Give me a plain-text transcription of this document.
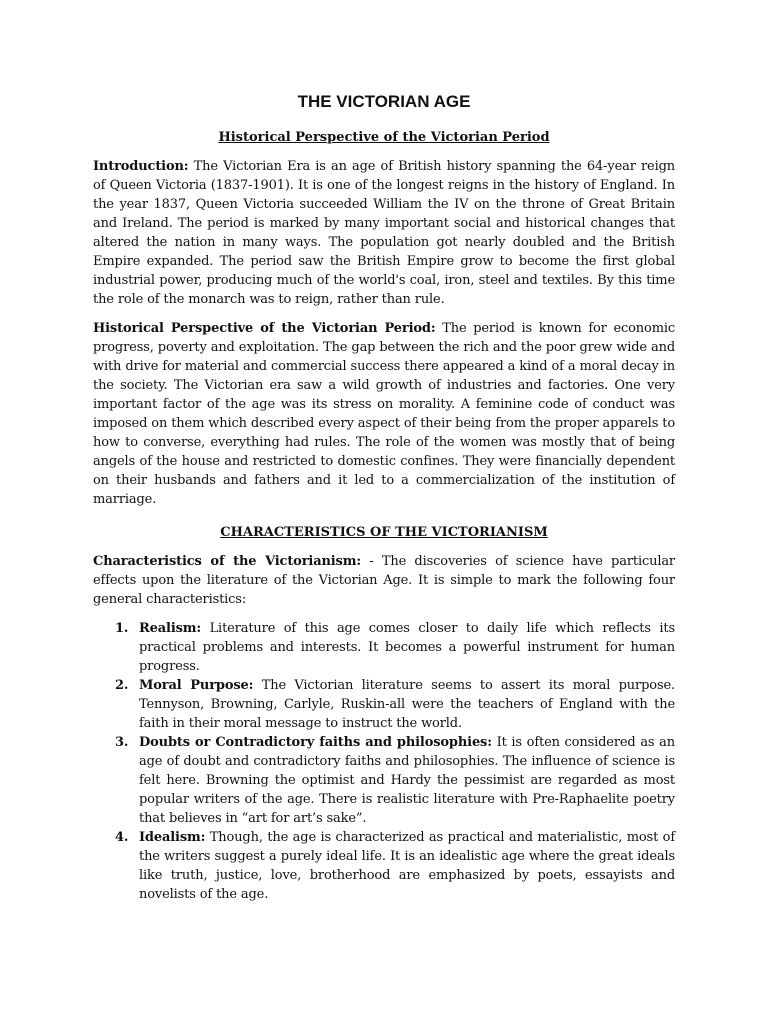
THE VICTORIAN AGE

Historical Perspective of the Victorian Period

Introduction: The Victorian Era is an age of British history spanning the 64-year reign of Queen Victoria (1837-1901). It is one of the longest reigns in the history of England. In the year 1837, Queen Victoria succeeded William the IV on the throne of Great Britain and Ireland. The period is marked by many important social and historical changes that altered the nation in many ways. The population got nearly doubled and the British Empire expanded. The period saw the British Empire grow to become the first global industrial power, producing much of the world's coal, iron, steel and textiles. By this time the role of the monarch was to reign, rather than rule.

Historical Perspective of the Victorian Period: The period is known for economic progress, poverty and exploitation. The gap between the rich and the poor grew wide and with drive for material and commercial success there appeared a kind of a moral decay in the society. The Victorian era saw a wild growth of industries and factories. One very important factor of the age was its stress on morality. A feminine code of conduct was imposed on them which described every aspect of their being from the proper apparels to how to converse, everything had rules. The role of the women was mostly that of being angels of the house and restricted to domestic confines. They were financially dependent on their husbands and fathers and it led to a commercialization of the institution of marriage.

CHARACTERISTICS OF THE VICTORIANISM

Characteristics of the Victorianism: - The discoveries of science have particular effects upon the literature of the Victorian Age. It is simple to mark the following four general characteristics:

1. Realism: Literature of this age comes closer to daily life which reflects its practical problems and interests. It becomes a powerful instrument for human progress.
2. Moral Purpose: The Victorian literature seems to assert its moral purpose. Tennyson, Browning, Carlyle, Ruskin-all were the teachers of England with the faith in their moral message to instruct the world.
3. Doubts or Contradictory faiths and philosophies: It is often considered as an age of doubt and contradictory faiths and philosophies. The influence of science is felt here. Browning the optimist and Hardy the pessimist are regarded as most popular writers of the age. There is realistic literature with Pre-Raphaelite poetry that believes in “art for art’s sake”.
4. Idealism: Though, the age is characterized as practical and materialistic, most of the writers suggest a purely ideal life. It is an idealistic age where the great ideals like truth, justice, love, brotherhood are emphasized by poets, essayists and novelists of the age.
